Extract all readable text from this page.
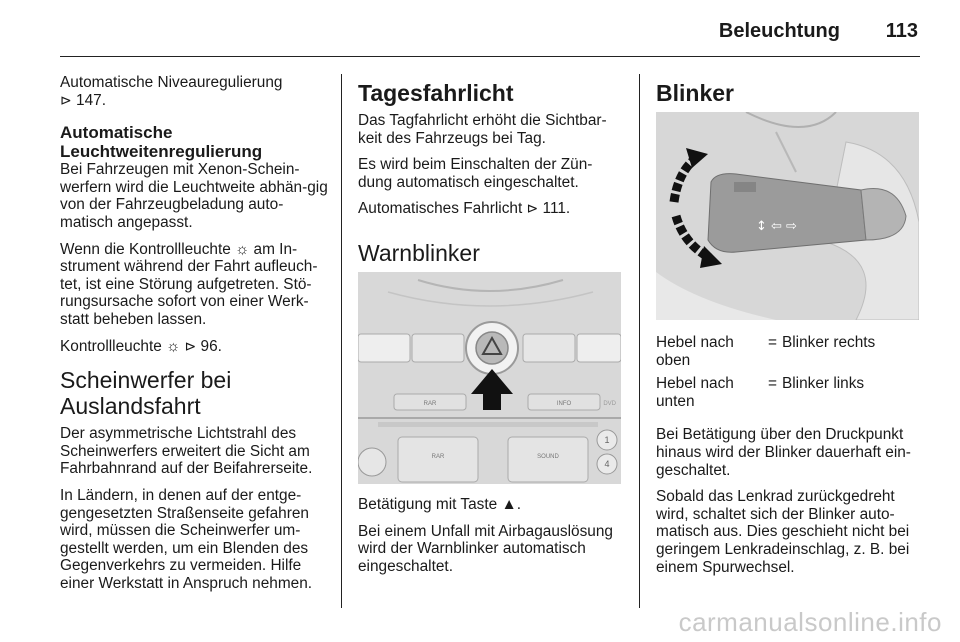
Beleuchtung 113

Automatische Niveauregulierung
⊳ 147.

Automatische Leuchtweitenregulierung

Bei Fahrzeugen mit Xenon-Schein-werfern wird die Leuchtweite abhän-gig von der Fahrzeugbeladung auto-matisch angepasst.

Wenn die Kontrollleuchte ☼ am In-strument während der Fahrt aufleuch-tet, ist eine Störung aufgetreten. Stö-rungsursache sofort von einer Werk-statt beheben lassen.

Kontrollleuchte ☼ ⊳ 96.

Scheinwerfer bei Auslandsfahrt

Der asymmetrische Lichtstrahl des Scheinwerfers erweitert die Sicht am Fahrbahnrand auf der Beifahrerseite.

In Ländern, in denen auf der entge-gengesetzten Straßenseite gefahren wird, müssen die Scheinwerfer um-gestellt werden, um ein Blenden des Gegenverkehrs zu vermeiden. Hilfe einer Werkstatt in Anspruch nehmen.

Tagesfahrlicht

Das Tagfahrlicht erhöht die Sichtbar-keit des Fahrzeugs bei Tag.

Es wird beim Einschalten der Zün-dung automatisch eingeschaltet.

Automatisches Fahrlicht ⊳ 111.

Warnblinker
RAR	INFO	DVD
RAR	SOUND
1
4

Betätigung mit Taste ▲.

Bei einem Unfall mit Airbagauslösung wird der Warnblinker automatisch eingeschaltet.

Blinker
↕ ⇦ ⇨
Hebel nach oben
= Blinker rechts
Hebel nach unten
= Blinker links

Bei Betätigung über den Druckpunkt hinaus wird der Blinker dauerhaft ein-geschaltet.

Sobald das Lenkrad zurückgedreht wird, schaltet sich der Blinker auto-matisch aus. Dies geschieht nicht bei geringem Lenkradeinschlag, z. B. bei einem Spurwechsel.

carmanualsonline.info
